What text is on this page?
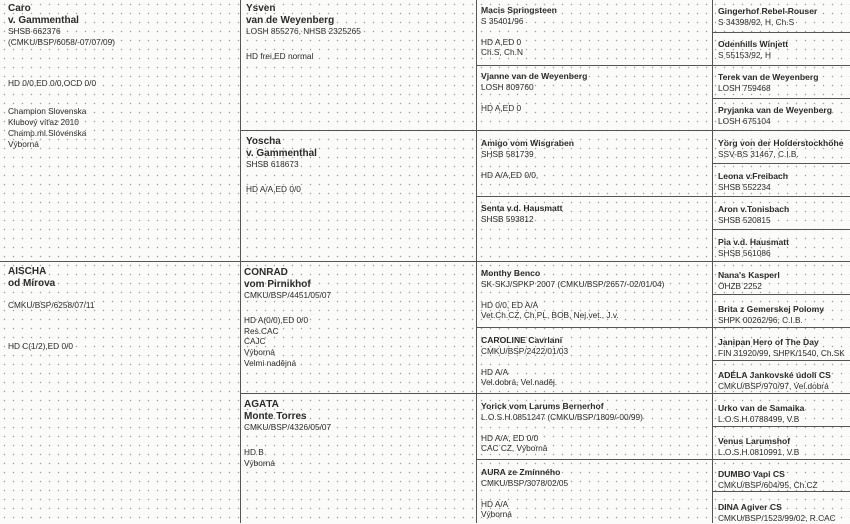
Caro
v. Gammenthal
SHSB 662376
(CMKU/BSP/6058/-07/07/09)
HD 0/0,ED 0/0,OCD 0/0
Champion Slovenska
Klubový víťaz 2010
Champ.ml.Slovenska
Výborná
AISCHA
od Mírova
CMKU/BSP/6258/07/11
HD C(1/2),ED 0/0
Ysven
van de Weyenberg
LOSH 855276, NHSB 2325265
HD frei,ED normal
Yoscha
v. Gammenthal
SHSB 618673
HD A/A,ED 0/0
CONRAD
vom Pirnikhof
CMKU/BSP/4451/05/07
HD A(0/0),ED 0/0
Res.CAC
CAJC
Výborná
Velmi nadějná
AGÁTA
Monte Torres
CMKU/BSP/4326/05/07
HD B
Výborná
Macis Springsteen
S 35401/96
HD A,ED 0
Ch.S, Ch.N
Vjanne van de Weyenberg
LOSH 809760
HD A,ED 0
Amigo vom Wisgraben
SHSB 581739
HD A/A,ED 0/0,
Senta v.d. Hausmatt
SHSB 593812
Monthy Benco
SK-SKJ/SPKP 2007 (CMKU/BSP/2657/-02/01/04)
HD 0/0, ED A/A
Vet.Ch.CZ, Ch.PL, BOB, Nej.vet., J.v.
CAROLINE Cavrlani
CMKU/BSP/2422/01/03
HD A/A
Vel.dobrá, Vel.naděj.
Yorick vom Larums Bernerhof
L.O.S.H.0851247 (CMKU/BSP/1809/-00/99)
HD A/A, ED 0/0
CAC CZ, Výborná
AURA ze Zmínného
CMKU/BSP/3078/02/05
HD A/A
Výborná
Gingerhof Rebel-Rouser
S 34398/92, H, Ch.S
Odenhills Winjett
S 55153/92, H
Terek van de Weyenberg
LOSH 759468
Pryjanka van de Weyenberg
LOSH 675104
Yörg von der Holderstockhöhe
SSV-BS 31467, C.I.B.
Leona v.Freibach
SHSB 552234
Aron v.Tonisbach
SHSB 520815
Pia v.d. Hausmatt
SHSB 561086
Nana's Kasperl
ÖHZB 2252
Brita z Gemerskej Polomy
SHPK 00262/96, C.I.B.
Janipan Hero of The Day
FIN 31920/99, SHPK/1540, Ch.SK
ADÉLA Jankovské údolí CS
CMKU/BSP/970/97, Vel.dobrá
Urko van de Samaika
L.O.S.H.0788499, V.B
Venus Larumshof
L.O.S.H.0810991, V.B
DUMBO Vapi CS
CMKU/BSP/604/95, Ch.CZ
DINA Agiver CS
CMKU/BSP/1523/99/02, R.CAC
